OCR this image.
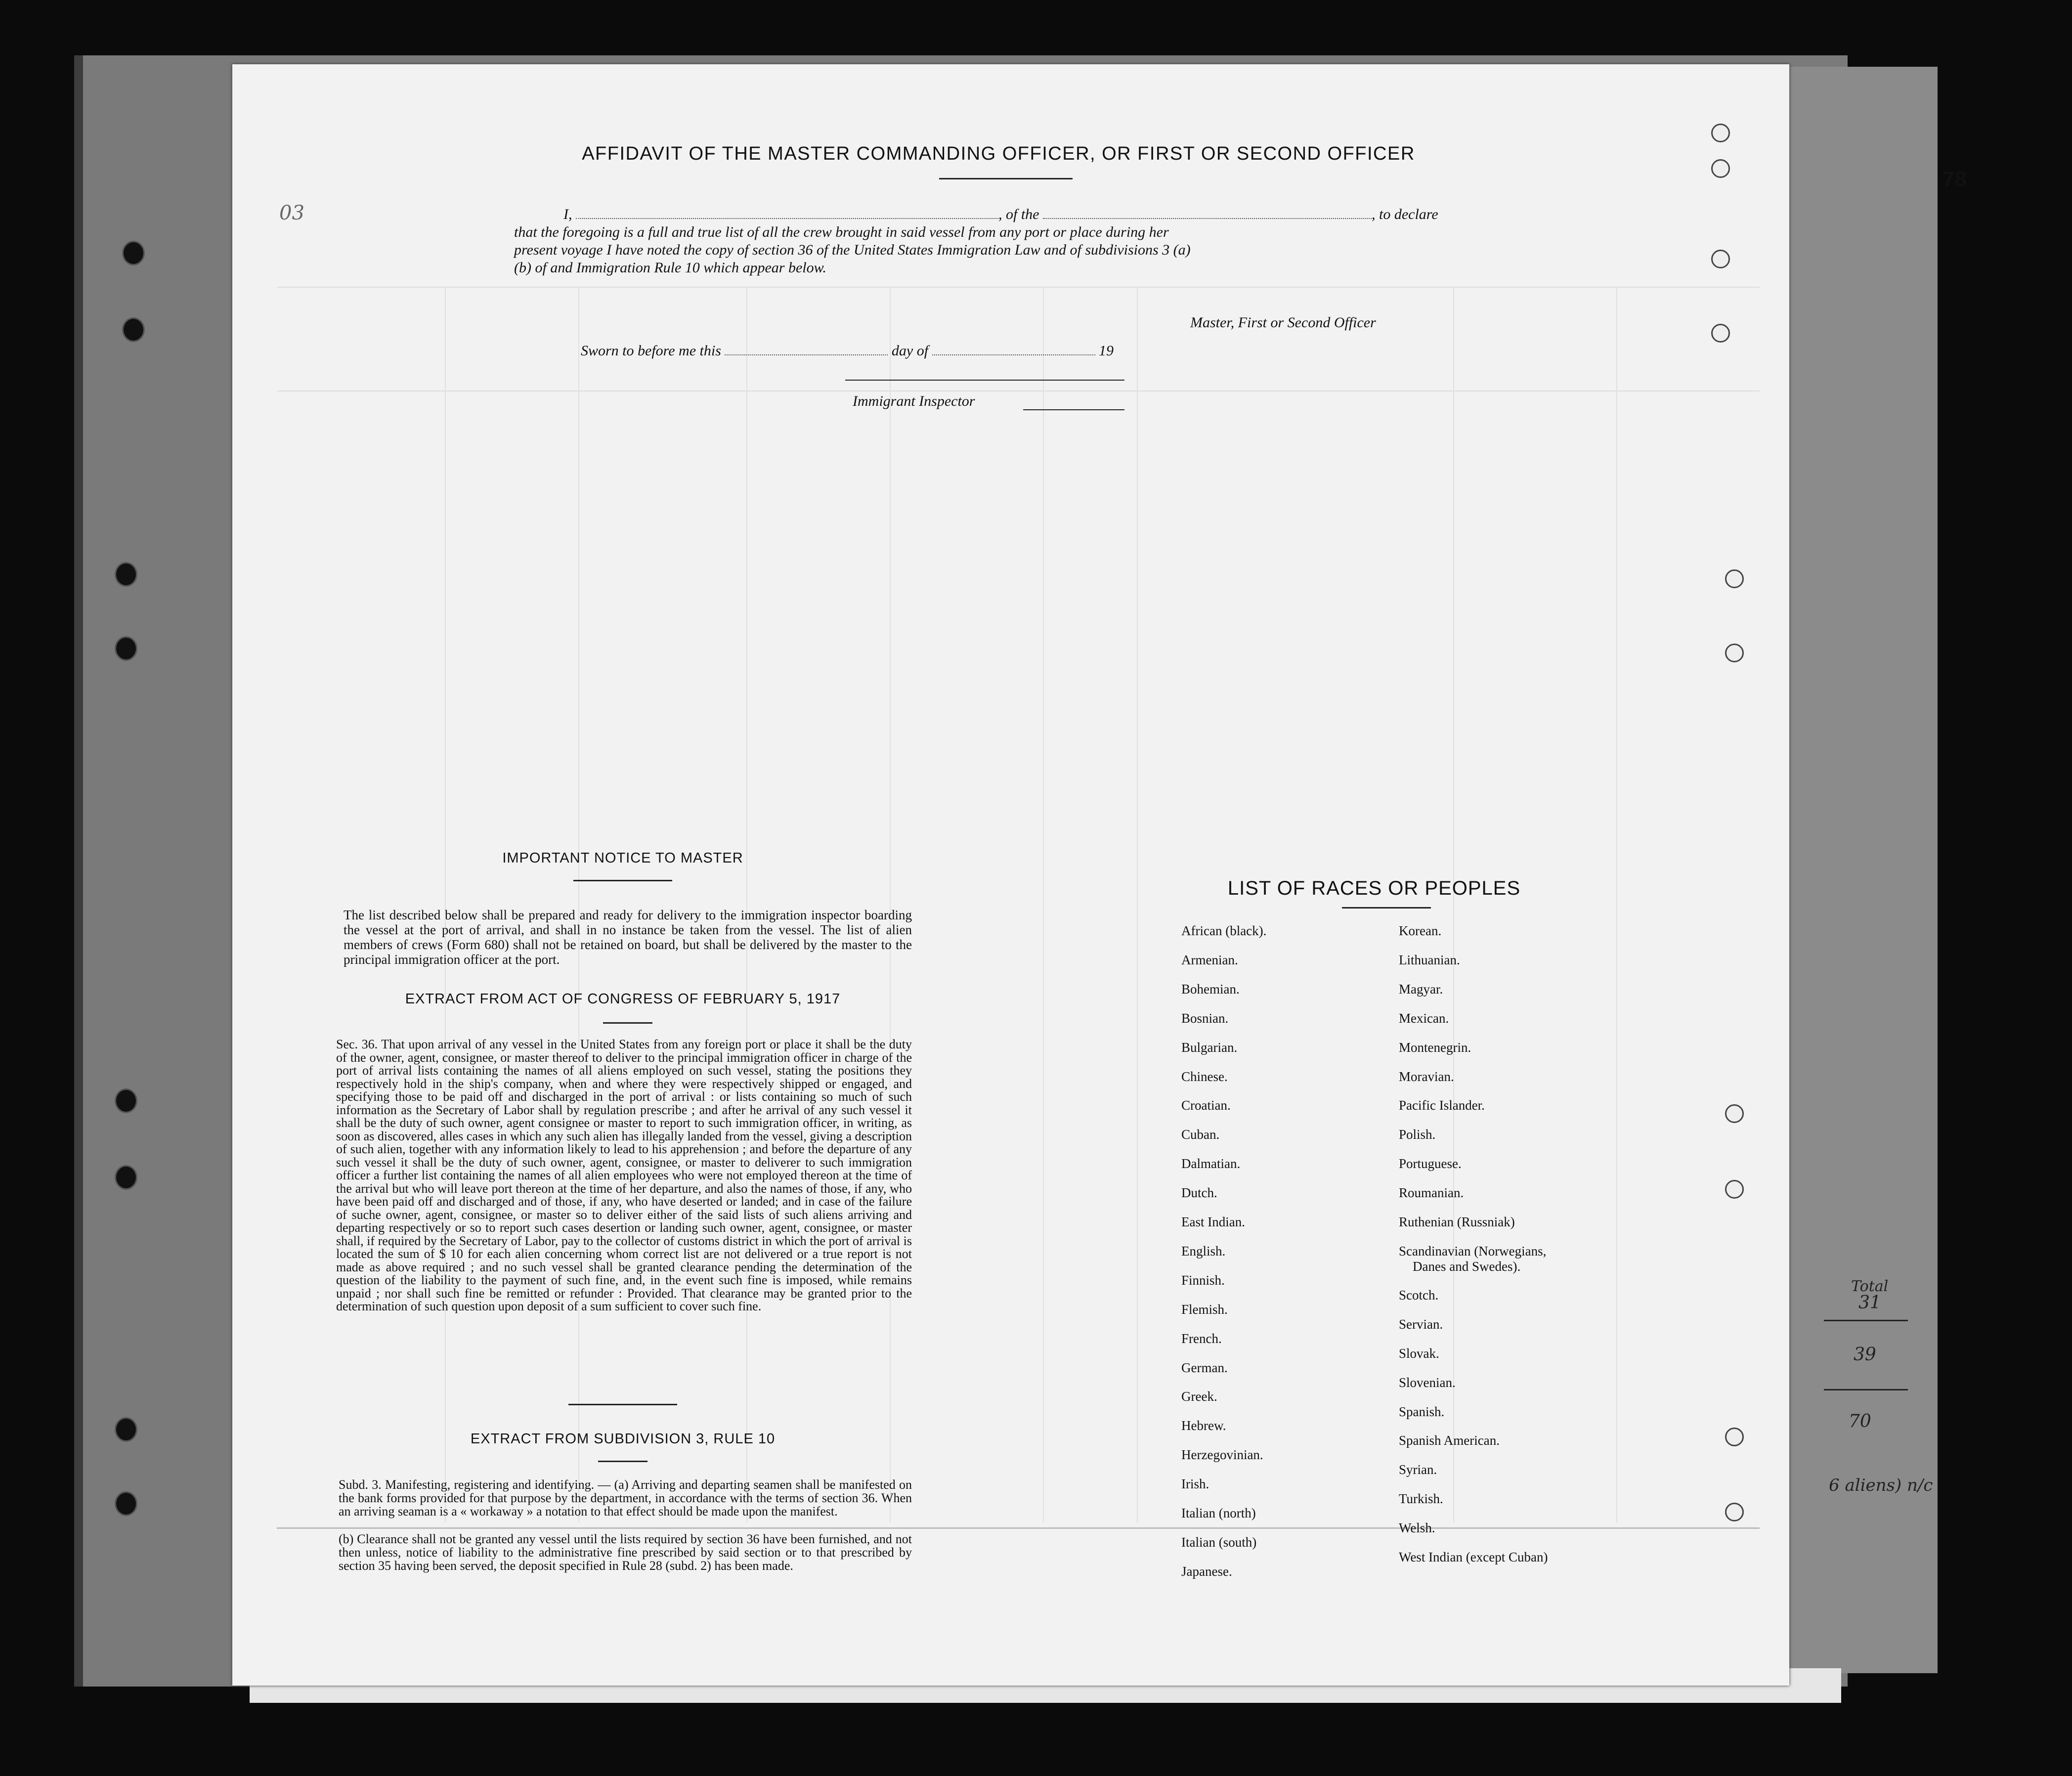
78
03
AFFIDAVIT OF THE MASTER COMMANDING OFFICER, OR FIRST OR SECOND OFFICER
I,	, of the	, to declare
that the foregoing is a full and true list of all the crew brought in said vessel from any port or place during her
present voyage I have noted the copy of section 36 of the United States Immigration Law and of subdivisions 3 (a)
(b) of and Immigration Rule 10 which appear below.
Master, First or Second Officer
Sworn to before me this	day of	19
Immigrant Inspector
IMPORTANT NOTICE TO MASTER
The list described below shall be prepared and ready for delivery to the immigration inspector boarding the vessel at the port of arrival, and shall in no instance be taken from the vessel. The list of alien members of crews (Form 680) shall not be retained on board, but shall be delivered by the master to the principal immigration officer at the port.
EXTRACT FROM ACT OF CONGRESS OF FEBRUARY 5, 1917
Sec. 36. That upon arrival of any vessel in the United States from any foreign port or place it shall be the duty of the owner, agent, consignee, or master thereof to deliver to the principal immigration officer in charge of the port of arrival lists containing the names of all aliens employed on such vessel, stating the positions they respectively hold in the ship's company, when and where they were respectively shipped or engaged, and specifying those to be paid off and discharged in the port of arrival : or lists containing so much of such information as the Secretary of Labor shall by regulation prescribe ; and after he arrival of any such vessel it shall be the duty of such owner, agent consignee or master to report to such immigration officer, in writing, as soon as discovered, alles cases in which any such alien has illegally landed from the vessel, giving a description of such alien, together with any information likely to lead to his apprehension ; and before the departure of any such vessel it shall be the duty of such owner, agent, consignee, or master to deliverer to such immigration officer a further list containing the names of all alien employees who were not employed thereon at the time of the arrival but who will leave port thereon at the time of her departure, and also the names of those, if any, who have been paid off and discharged and of those, if any, who have deserted or landed; and in case of the failure of suche owner, agent, consignee, or master so to deliver either of the said lists of such aliens arriving and departing respectively or so to report such cases desertion or landing such owner, agent, consignee, or master shall, if required by the Secretary of Labor, pay to the collector of customs district in which the port of arrival is located the sum of $ 10 for each alien concerning whom correct list are not delivered or a true report is not made as above required ; and no such vessel shall be granted clearance pending the determination of the question of the liability to the payment of such fine, and, in the event such fine is imposed, while remains unpaid ; nor shall such fine be remitted or refunder : Provided. That clearance may be granted prior to the determination of such question upon deposit of a sum sufficient to cover such fine.
EXTRACT FROM SUBDIVISION 3, RULE 10
Subd. 3. Manifesting, registering and identifying. — (a) Arriving and departing seamen shall be manifested on the bank forms provided for that purpose by the department, in accordance with the terms of section 36. When an arriving seaman is a « workaway » a notation to that effect should be made upon the manifest.
(b) Clearance shall not be granted any vessel until the lists required by section 36 have been furnished, and not then unless, notice of liability to the administrative fine prescribed by said section or to that prescribed by section 35 having been served, the deposit specified in Rule 28 (subd. 2) has been made.
LIST OF RACES OR PEOPLES
African (black).
Armenian.
Bohemian.
Bosnian.
Bulgarian.
Chinese.
Croatian.
Cuban.
Dalmatian.
Dutch.
East Indian.
English.
Finnish.
Flemish.
French.
German.
Greek.
Hebrew.
Herzegovinian.
Irish.
Italian (north)
Italian (south)
Japanese.
Korean.
Lithuanian.
Magyar.
Mexican.
Montenegrin.
Moravian.
Pacific Islander.
Polish.
Portuguese.
Roumanian.
Ruthenian (Russniak)
Scandinavian (Norwegians,
Danes and Swedes).
Scotch.
Servian.
Slovak.
Slovenian.
Spanish.
Spanish American.
Syrian.
Turkish.
Welsh.
West Indian (except Cuban)
Total
31
39
70
6 aliens) n/c
